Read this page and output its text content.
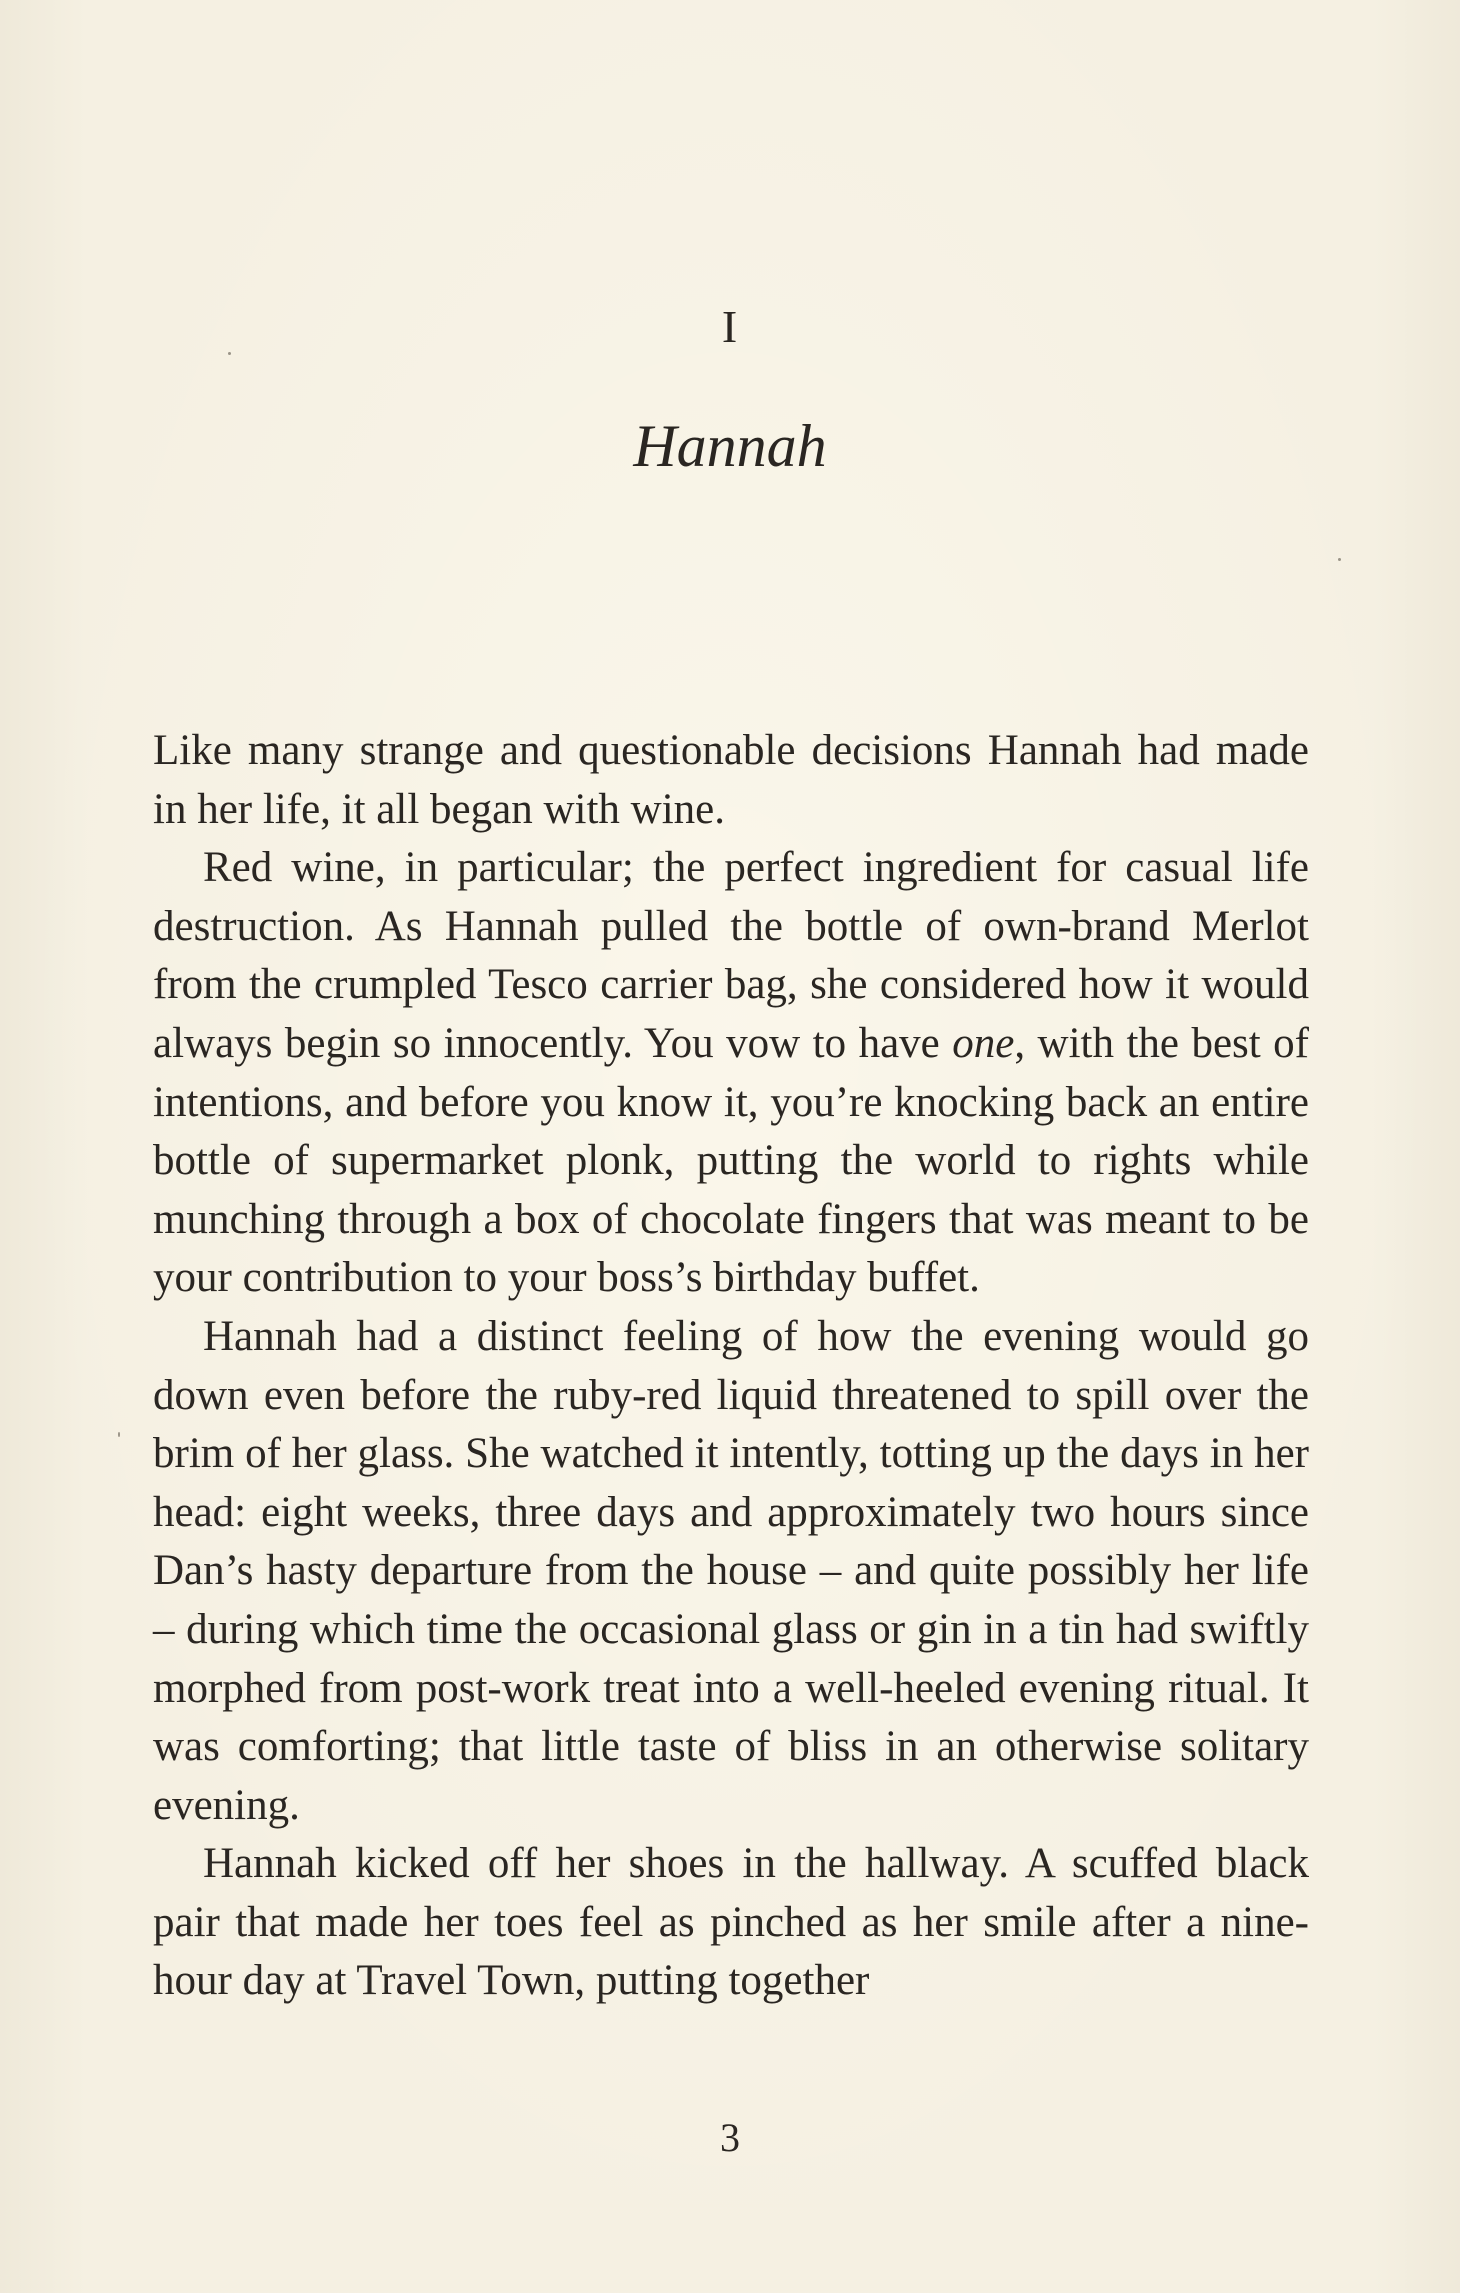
I
Hannah

Like many strange and questionable decisions Hannah had made in her life, it all began with wine.

Red wine, in particular; the perfect ingredient for casual life destruction. As Hannah pulled the bottle of own-brand Merlot from the crumpled Tesco carrier bag, she considered how it would always begin so innocently. You vow to have one, with the best of intentions, and before you know it, you’re knocking back an entire bottle of supermarket plonk, putting the world to rights while munching through a box of chocolate fingers that was meant to be your contribution to your boss’s birthday buffet.

Hannah had a distinct feeling of how the evening would go down even before the ruby-red liquid threatened to spill over the brim of her glass. She watched it intently, totting up the days in her head: eight weeks, three days and approximately two hours since Dan’s hasty departure from the house – and quite possibly her life – during which time the occasional glass or gin in a tin had swiftly morphed from post-work treat into a well-heeled evening ritual. It was comforting; that little taste of bliss in an otherwise solitary evening.

Hannah kicked off her shoes in the hallway. A scuffed black pair that made her toes feel as pinched as her smile after a nine-hour day at Travel Town, putting together

3
